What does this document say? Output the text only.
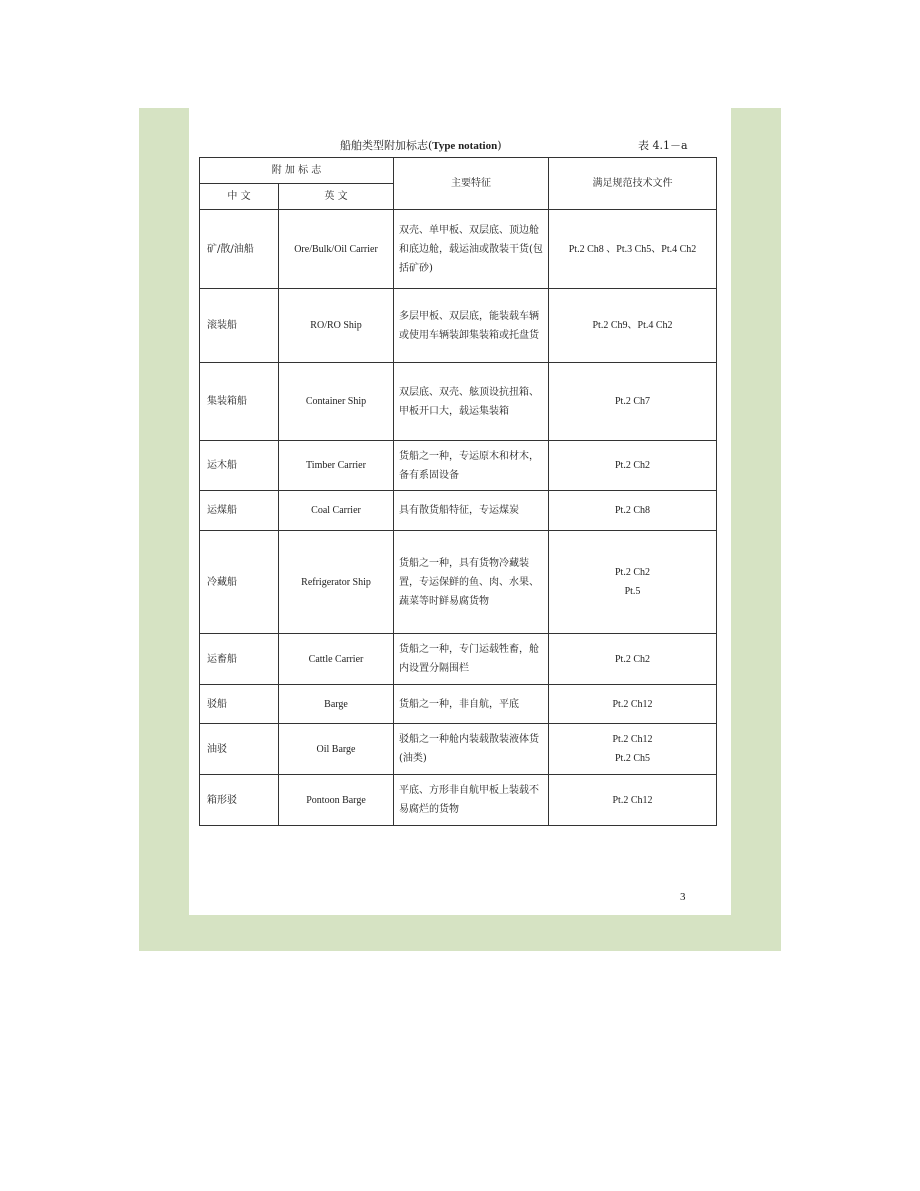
船舶类型附加标志(Type notation)	表 4.1－a
附 加 标 志		主要特征	满足规范技术文件
中 文	英 文		
矿/散/油船	Ore/Bulk/Oil Carrier	双壳、单甲板、双层底、顶边舱和底边舱，载运油或散装干货(包括矿砂)	Pt.2 Ch8 、Pt.3 Ch5、Pt.4 Ch2

滚装船	RO/RO Ship	多层甲板、双层底，能装载车辆或使用车辆装卸集装箱或托盘货	Pt.2 Ch9、Pt.4 Ch2

集装箱船	Container Ship	双层底、双壳、舷顶设抗扭箱、甲板开口大，载运集装箱	Pt.2 Ch7

运木船	Timber Carrier	货船之一种，专运原木和材木，备有系固设备	Pt.2 Ch2

运煤船	Coal Carrier	具有散货船特征，专运煤炭	Pt.2 Ch8

冷藏船	Refrigerator Ship	货船之一种，具有货物冷藏装置，专运保鲜的鱼、肉、水果、蔬菜等时鲜易腐货物	Pt.2 Ch2
Pt.5

运畜船	Cattle Carrier	货船之一种，专门运载牲畜，舱内设置分隔围栏	Pt.2 Ch2

驳船	Barge	货船之一种，非自航，平底	Pt.2 Ch12

油驳	Oil Barge	驳船之一种舱内装载散装液体货(油类)	Pt.2 Ch12
Pt.2 Ch5

箱形驳	Pontoon Barge	平底、方形非自航甲板上装载不易腐烂的货物	Pt.2 Ch12
3
